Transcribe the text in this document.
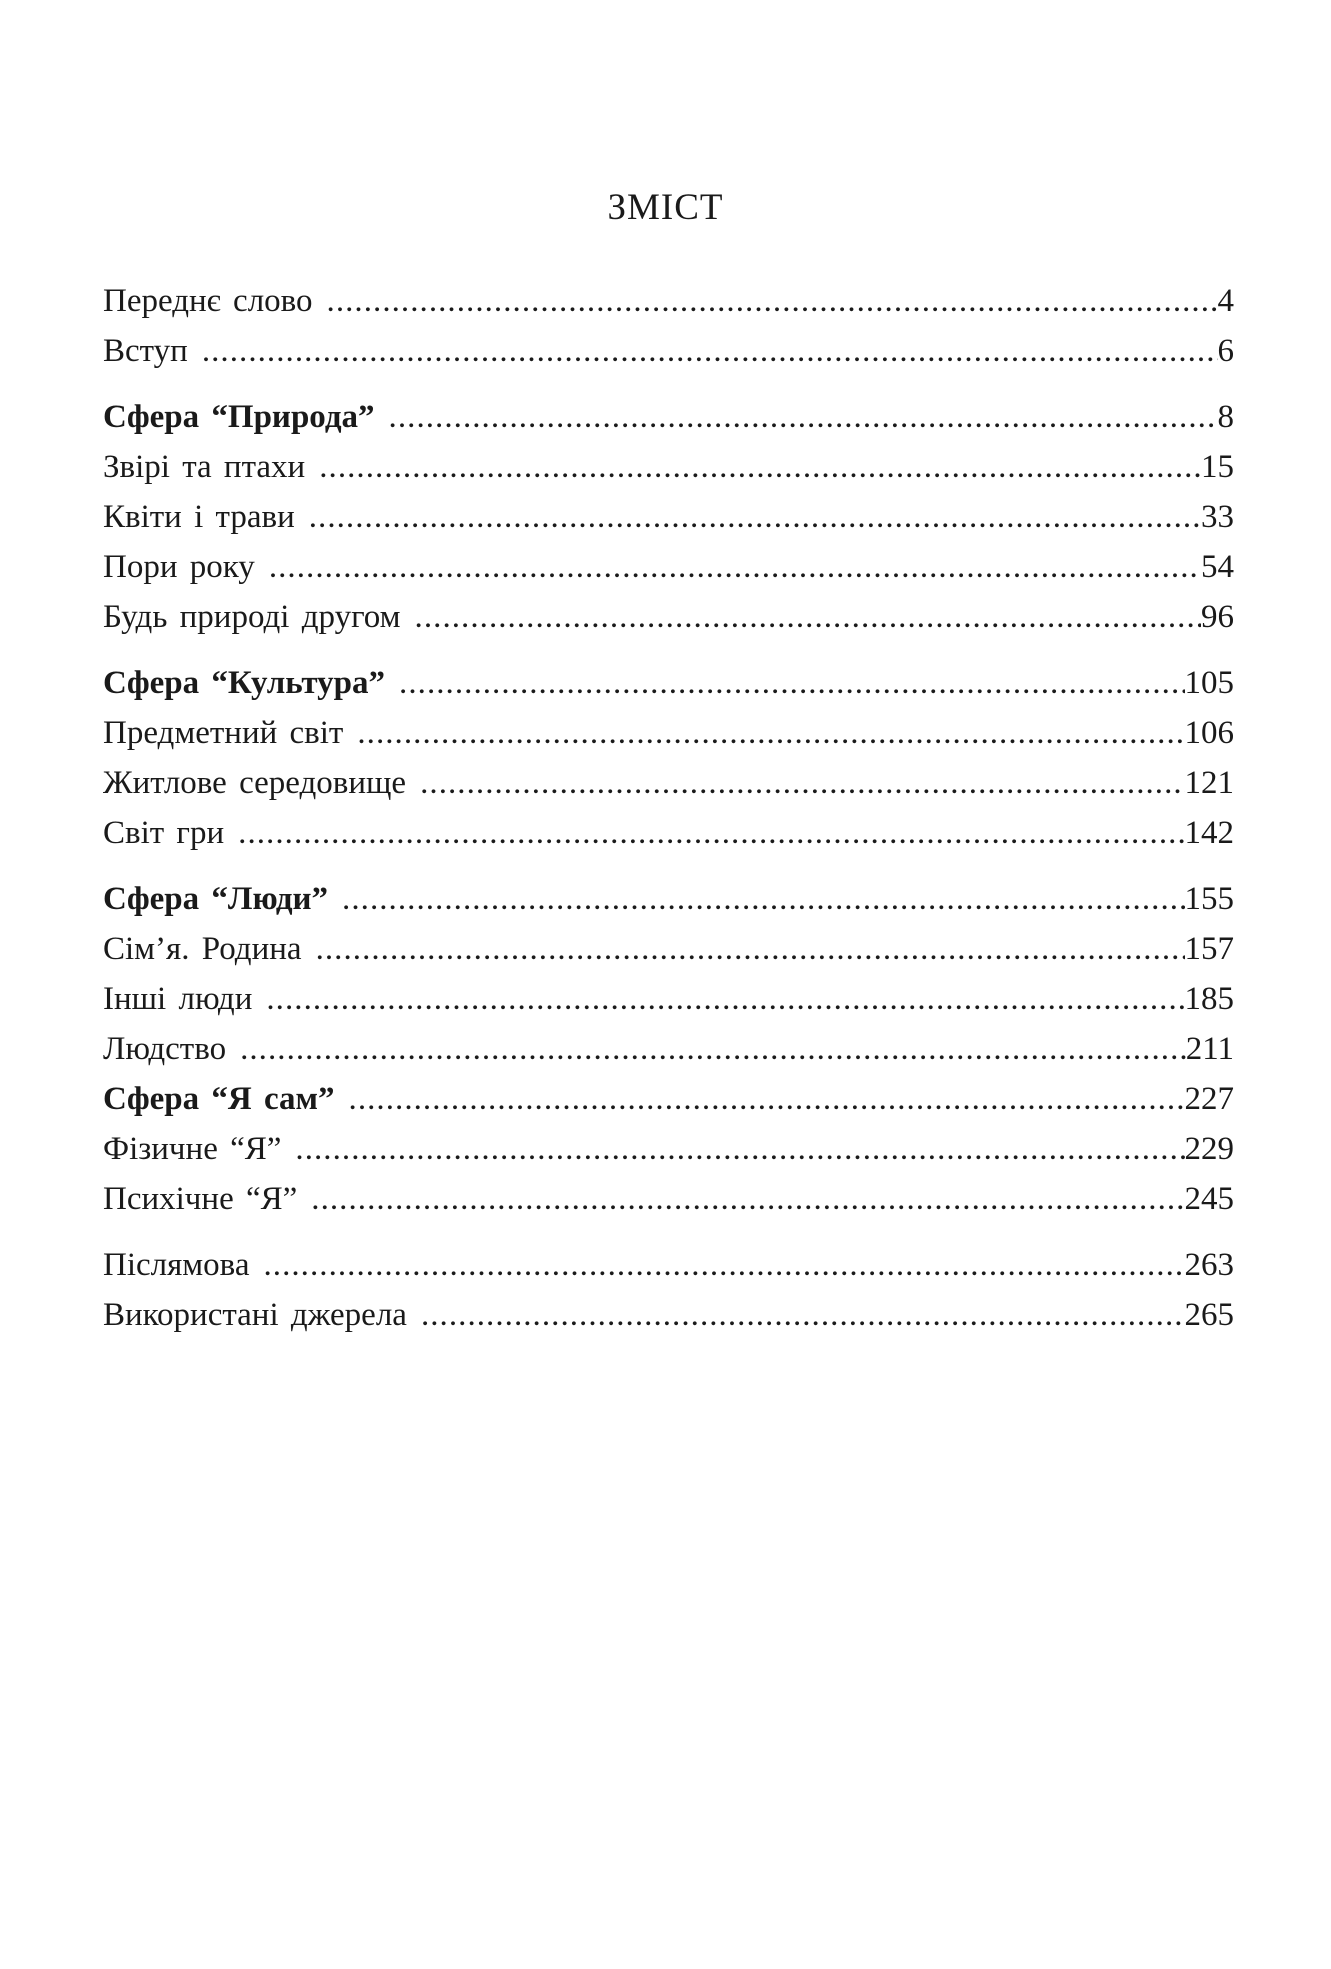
ЗМІСТ
Переднє слово . . .	4
Вступ . . .	6
Сфера “Природа” . . .	8
Звірі та птахи . . .	15
Квіти і трави . . .	33
Пори року . . .	54
Будь природі другом . . .	96
Сфера “Культура” . . .	105
Предметний світ . . .	106
Житлове середовище . . .	121
Світ гри . . .	142
Сфера “Люди” . . .	155
Сім’я. Родина . . .	157
Інші люди . . .	185
Людство . . .	211
Сфера “Я сам” . . .	227
Фізичне “Я” . . .	229
Психічне “Я” . . .	245
Післямова . . .	263
Використані джерела . . .	265
